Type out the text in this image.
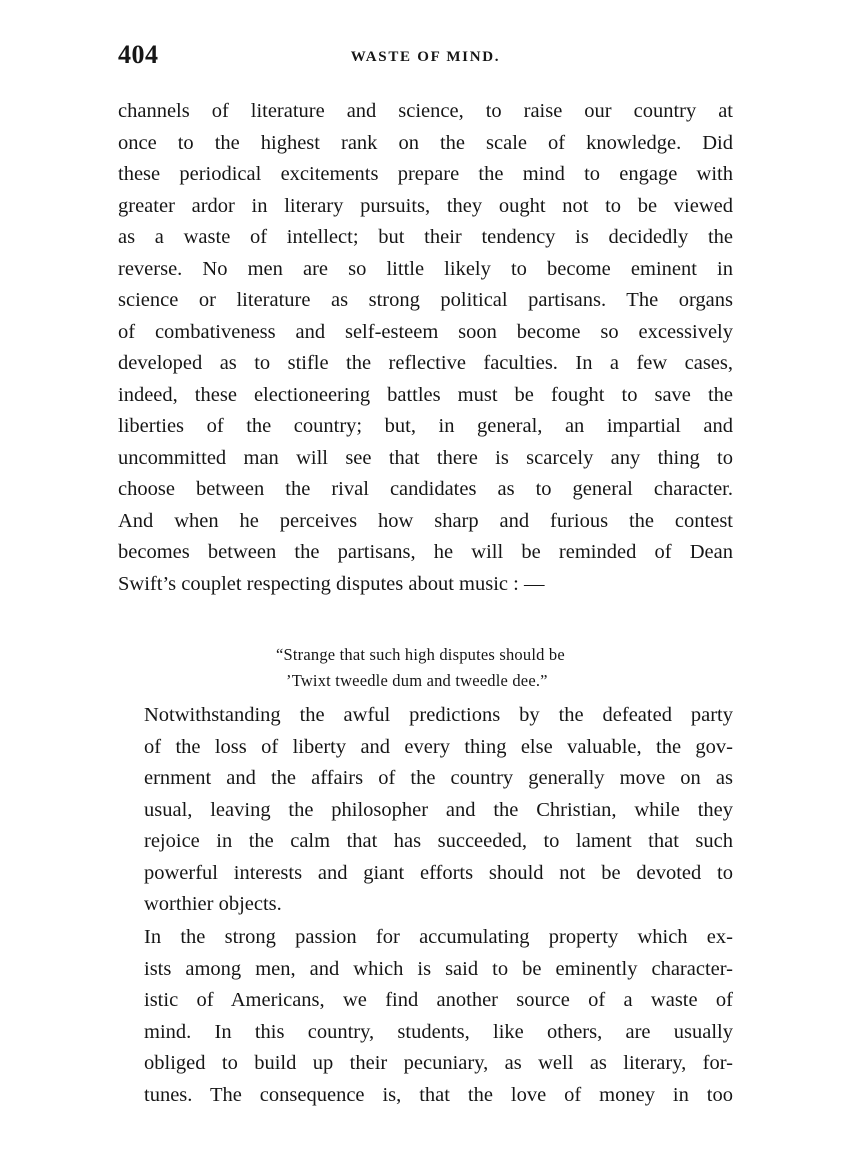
404	WASTE OF MIND.

channels of literature and science, to raise our country at
once to the highest rank on the scale of knowledge. Did
these periodical excitements prepare the mind to engage with
greater ardor in literary pursuits, they ought not to be viewed
as a waste of intellect; but their tendency is decidedly the
reverse. No men are so little likely to become eminent in
science or literature as strong political partisans. The organs
of combativeness and self-esteem soon become so excessively
developed as to stifle the reflective faculties. In a few cases,
indeed, these electioneering battles must be fought to save the
liberties of the country; but, in general, an impartial and
uncommitted man will see that there is scarcely any thing to
choose between the rival candidates as to general character.
And when he perceives how sharp and furious the contest
becomes between the partisans, he will be reminded of Dean
Swift’s couplet respecting disputes about music : —

“Strange that such high disputes should be
’Twixt tweedle dum and tweedle dee.”

Notwithstanding the awful predictions by the defeated party
of the loss of liberty and every thing else valuable, the gov-
ernment and the affairs of the country generally move on as
usual, leaving the philosopher and the Christian, while they
rejoice in the calm that has succeeded, to lament that such
powerful interests and giant efforts should not be devoted to
worthier objects.

In the strong passion for accumulating property which ex-
ists among men, and which is said to be eminently character-
istic of Americans, we find another source of a waste of
mind. In this country, students, like others, are usually
obliged to build up their pecuniary, as well as literary, for-
tunes. The consequence is, that the love of money in too
